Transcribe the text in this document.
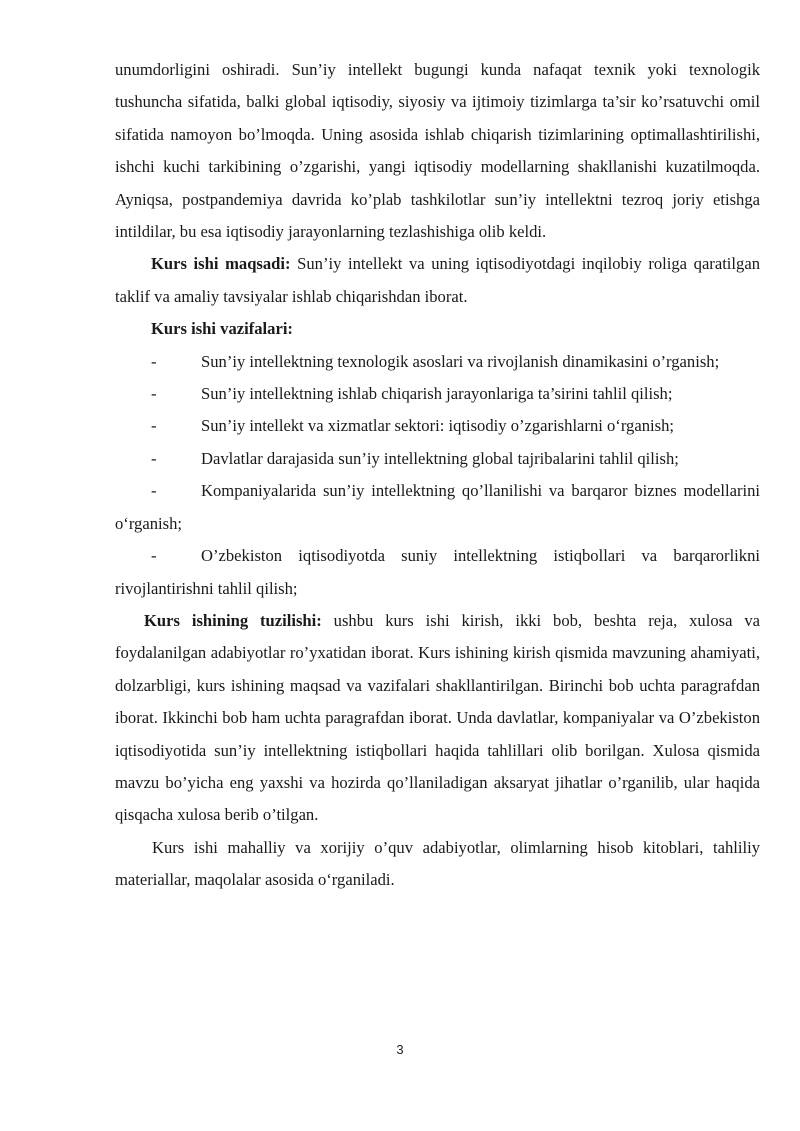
unumdorligini oshiradi. Sun’iy intellekt bugungi kunda nafaqat texnik yoki texnologik tushuncha sifatida, balki global iqtisodiy, siyosiy va ijtimoiy tizimlarga ta’sir ko’rsatuvchi omil sifatida namoyon bo’lmoqda. Uning asosida ishlab chiqarish tizimlarining optimallashtirilishi, ishchi kuchi tarkibining o’zgarishi, yangi iqtisodiy modellarning shakllanishi kuzatilmoqda. Ayniqsa, postpandemiya davrida ko’plab tashkilotlar sun’iy intellektni tezroq joriy etishga intildilar, bu esa iqtisodiy jarayonlarning tezlashishiga olib keldi.

Kurs ishi maqsadi: Sun’iy intellekt va uning iqtisodiyotdagi inqilobiy roliga qaratilgan taklif va amaliy tavsiyalar ishlab chiqarishdan iborat.

Kurs ishi vazifalari:

-	Sun’iy intellektning texnologik asoslari va rivojlanish dinamikasini o’rganish;

-	Sun’iy intellektning ishlab chiqarish jarayonlariga ta’sirini tahlil qilish;

-	Sun’iy intellekt va xizmatlar sektori: iqtisodiy o’zgarishlarni o‘rganish;

-	Davlatlar darajasida sun’iy intellektning global tajribalarini tahlil qilish;

-	Kompaniyalarida sun’iy intellektning qo’llanilishi va barqaror biznes modellarini o‘rganish;

-	O’zbekiston iqtisodiyotda suniy intellektning istiqbollari va barqarorlikni rivojlantirishni tahlil qilish;

Kurs ishining tuzilishi: ushbu kurs ishi kirish, ikki bob, beshta reja, xulosa va foydalanilgan adabiyotlar ro’yxatidan iborat. Kurs ishining kirish qismida mavzuning ahamiyati, dolzarbligi, kurs ishining maqsad va vazifalari shakllantirilgan. Birinchi bob uchta paragrafdan iborat. Ikkinchi bob ham uchta paragrafdan iborat. Unda davlatlar, kompaniyalar va O’zbekiston iqtisodiyotida sun’iy intellektning istiqbollari haqida tahlillari olib borilgan. Xulosa qismida mavzu bo’yicha eng yaxshi va hozirda qo’llaniladigan aksaryat jihatlar o’rganilib, ular haqida qisqacha xulosa berib o’tilgan.

Kurs ishi mahalliy va xorijiy o’quv adabiyotlar, olimlarning hisob kitoblari, tahliliy materiallar, maqolalar asosida o‘rganiladi.

3
